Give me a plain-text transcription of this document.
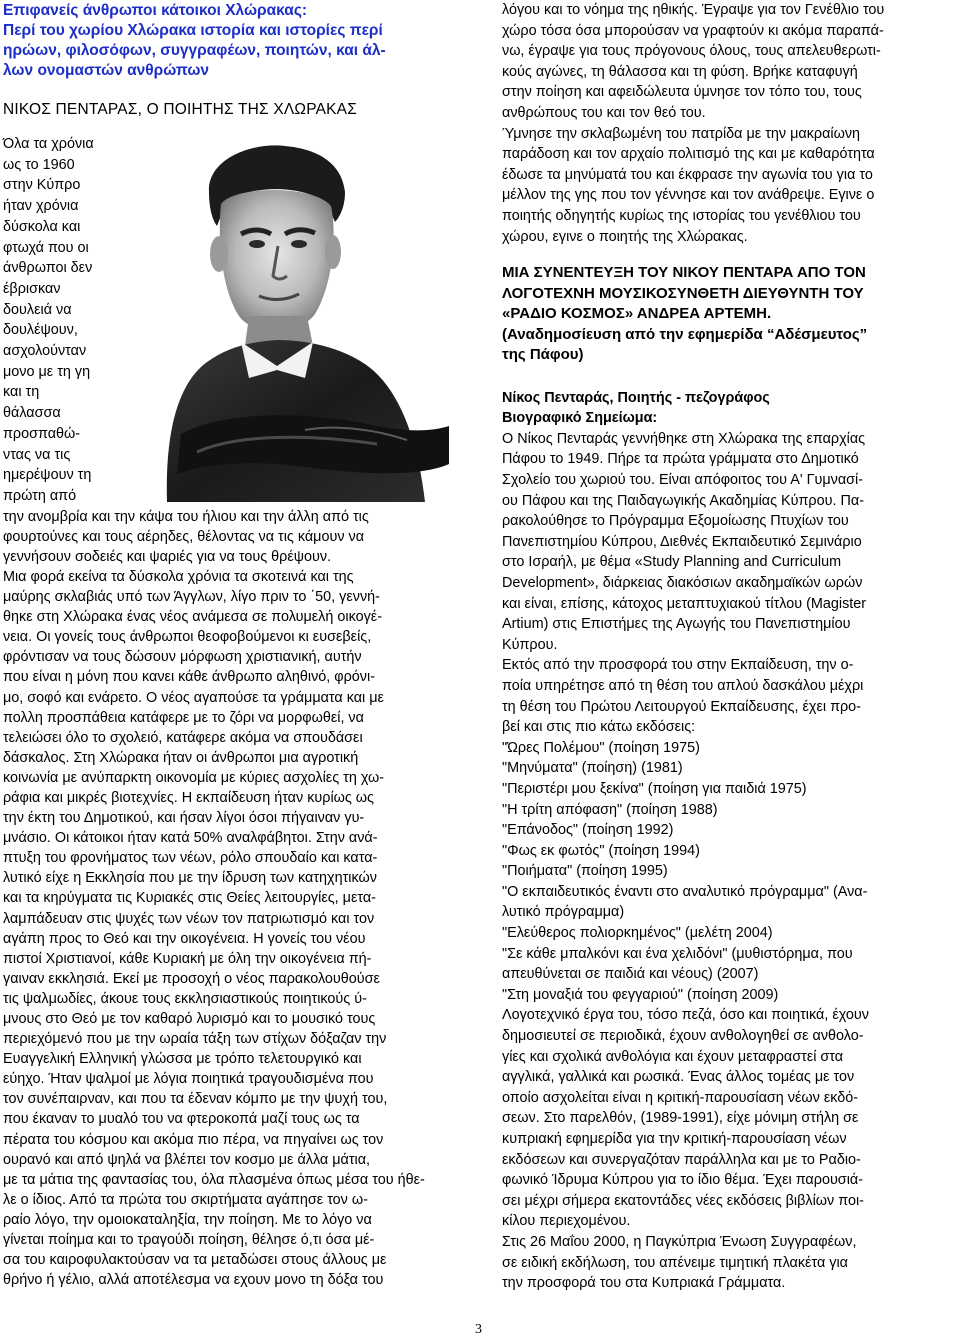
Επιφανείς άνθρωποι κάτοικοι Χλώρακας:
Περί του χωρίου Χλώρακα ιστορία και ιστορίες περί
ηρώων, φιλοσόφων, συγγραφέων, ποιητών, και άλ-
λων ονομαστών ανθρώπων
ΝΙΚΟΣ ΠΕΝΤΑΡΑΣ, Ο ΠΟΙΗΤΗΣ ΤΗΣ ΧΛΩΡΑΚΑΣ
Όλα τα χρόνια
ως το 1960
στην Κύπρο
ήταν χρόνια
δύσκολα και
φτωχά που οι
άνθρωποι δεν
έβρισκαν
δουλειά να
δουλέψουν,
ασχολούνταν
μονο με τη γη
και τη
θάλασσα
προσπαθώ-
ντας να τις
ημερέψουν τη
πρώτη από
την ανομβρία και την κάψα του ήλιου και την άλλη από τις
φουρτούνες και τους αέρηδες, θέλοντας να τις κάμουν να
γεννήσουν σοδειές και ψαριές για να τους θρέψουν.
Μια φορά εκείνα τα δύσκολα χρόνια τα σκοτεινά και της
μαύρης σκλαβιάς υπό των Άγγλων, λίγο πριν το ΄50, γεννή-
θηκε στη Χλώρακα ένας νέος ανάμεσα σε πολυμελή οικογέ-
νεια. Οι γονείς τους άνθρωποι θεοφοβούμενοι κι ευσεβείς,
φρόντισαν να τους δώσουν μόρφωση χριστιανική, αυτήν
που είναι η μόνη που κανει κάθε άνθρωπο αληθινό, φρόνι-
μο, σοφό και ενάρετο. Ο νέος αγαπούσε τα γράμματα και με
πολλη προσπάθεια κατάφερε με το ζόρι να μορφωθεί, να
τελειώσει όλο το σχολειό, κατάφερε ακόμα να σπουδάσει
δάσκαλος. Στη Χλώρακα ήταν οι άνθρωποι μια αγροτική
κοινωνία με ανύπαρκτη οικονομία με κύριες ασχολίες τη χω-
ράφια και μικρές βιοτεχνίες. Η εκπαίδευση ήταν κυρίως ως
την έκτη του Δημοτικού, και ήσαν λίγοι όσοι πήγαιναν γυ-
μνάσιο. Οι κάτοικοι ήταν κατά 50% αναλφάβητοι. Στην ανά-
πτυξη του φρονήματος των νέων, ρόλο σπουδαίο και κατα-
λυτικό είχε η Εκκλησία που με την ίδρυση των κατηχητικών
και τα κηρύγματα τις Κυριακές στις Θείες λειτουργίες, μετα-
λαμπάδευαν στις ψυχές των νέων τον πατριωτισμό και τον
αγάπη προς το Θεό και την οικογένεια. Η γονείς του νέου
πιστοί Χριστιανοί, κάθε Κυριακή με όλη την οικογένεια πή-
γαιναν εκκλησιά. Εκεί με προσοχή ο νέος παρακολουθούσε
τις ψαλμωδίες, άκουε τους εκκλησιαστικούς ποιητικούς ύ-
μνους στο Θεό με τον καθαρό λυρισμό και το μουσικό τους
περιεχόμενό που με την ωραία τάξη των στίχων δόξαζαν την
Ευαγγελική Ελληνική γλώσσα με τρόπο τελετουργικό και
εύηχο. Ήταν ψαλμοί με λόγια ποιητικά τραγουδισμένα που
τον συνέπαιρναν, και που τα έδεναν κόμπο με την ψυχή του,
που έκαναν το μυαλό του να φτεροκοπά μαζί τους ως τα
πέρατα του κόσμου και ακόμα πιο πέρα, να πηγαίνει ως τον
ουρανό και από ψηλά να βλέπει τον κοσμο με άλλα μάτια,
με τα μάτια της φαντασίας του, όλα πλασμένα όπως μέσα του ήθε-
λε ο ίδιος. Από τα πρώτα του σκιρτήματα αγάπησε τον ω-
ραίο λόγο, την ομοιοκαταληξία, την ποίηση. Με το λόγο να
γίνεται ποίημα και το τραγούδι ποίηση, θέλησε ό,τι όσα μέ-
σα του καιροφυλακτούσαν να τα μεταδώσει στους άλλους με
θρήνο ή γέλιο, αλλά αποτέλεσμα να εχουν μονο τη δόξα του
λόγου και το νόημα της ηθικής. Έγραψε για τον Γενέθλιο του
χώρο τόσα όσα μπορούσαν να γραφτούν κι ακόμα παραπά-
νω, έγραψε για τους πρόγονους όλους, τους απελευθερωτι-
κούς αγώνες, τη θάλασσα και τη φύση. Βρήκε καταφυγή
στην ποίηση και αφειδώλευτα ύμνησε τον τόπο του, τους
ανθρώπους του και τον θεό του.
Ύμνησε την σκλαβωμένη του πατρίδα με την μακραίωνη
παράδοση και τον αρχαίο πολιτισμό της και με καθαρότητα
έδωσε τα μηνύματά του και έκφρασε την αγωνία του για το
μέλλον της γης που τον γέννησε και τον ανάθρεψε. Εγινε ο
ποιητής οδηγητής κυρίως της ιστορίας του γενέθλιου του
χώρου, εγινε ο ποιητής της Χλώρακας.
ΜΙΑ ΣΥΝΕΝΤΕΥΞΗ ΤΟΥ ΝΙΚΟΥ ΠΕΝΤΑΡΑ ΑΠΟ ΤΟΝ
ΛΟΓΟΤΕΧΝΗ ΜΟΥΣΙΚΟΣΥΝΘΕΤΗ ΔΙΕΥΘΥΝΤΗ ΤΟΥ
«ΡΑΔΙΟ ΚΟΣΜΟΣ» ΑΝΔΡΕΑ ΑΡΤΕΜΗ.
(Αναδημοσίευση από την εφημερίδα “Αδέσμευτος”
της Πάφου)
Νίκος Πενταράς, Ποιητής - πεζογράφος
Βιογραφικό Σημείωμα:
Ο Νίκος Πενταράς γεννήθηκε στη Χλώρακα της επαρχίας
Πάφου το 1949. Πήρε τα πρώτα γράμματα στο Δημοτικό
Σχολείο του χωριού του. Είναι απόφοιτος του Α' Γυμνασί-
ου Πάφου και της Παιδαγωγικής Ακαδημίας Κύπρου. Πα-
ρακολούθησε το Πρόγραμμα Εξομοίωσης Πτυχίων του
Πανεπιστημίου Κύπρου, Διεθνές Εκπαιδευτικό Σεμινάριο
στο Ισραήλ, με θέμα «Study Planning and Curriculum
Development», διάρκειας διακόσιων ακαδημαϊκών ωρών
και είναι, επίσης, κάτοχος μεταπτυχιακού τίτλου (Magister
Artium) στις Επιστήμες της Αγωγής του Πανεπιστημίου
Κύπρου.
Εκτός από την προσφορά του στην Εκπαίδευση, την ο-
ποία υπηρέτησε από τη θέση του απλού δασκάλου μέχρι
τη θέση του Πρώτου Λειτουργού Εκπαίδευσης, έχει προ-
βεί και στις πιο κάτω εκδόσεις:
"Ώρες Πολέμου" (ποίηση 1975)
"Μηνύματα" (ποίηση) (1981)
"Περιστέρι μου ξεκίνα" (ποίηση για παιδιά 1975)
"Η τρίτη απόφαση" (ποίηση 1988)
"Επάνοδος" (ποίηση 1992)
"Φως εκ φωτός" (ποίηση 1994)
"Ποιήματα" (ποίηση 1995)
"Ο εκπαιδευτικός έναντι στο αναλυτικό πρόγραμμα" (Ανα-
λυτικό πρόγραμμα)
"Ελεύθερος πολιορκημένος" (μελέτη 2004)
"Σε κάθε μπαλκόνι και ένα χελιδόνι" (μυθιστόρημα, που
απευθύνεται σε παιδιά και νέους) (2007)
"Στη μοναξιά του φεγγαριού" (ποίηση 2009)
Λογοτεχνικό έργα του, τόσο πεζά, όσο και ποιητικά, έχουν
δημοσιευτεί σε περιοδικά, έχουν ανθολογηθεί σε ανθολο-
γίες και σχολικά ανθολόγια και έχουν μεταφραστεί στα
αγγλικά, γαλλικά και ρωσικά. Ένας άλλος τομέας με τον
οποίο ασχολείται είναι η κριτική-παρουσίαση νέων εκδό-
σεων. Στο παρελθόν, (1989-1991), είχε μόνιμη στήλη σε
κυπριακή εφημερίδα για την κριτική-παρουσίαση νέων
εκδόσεων και συνεργαζόταν παράλληλα και με το Ραδιο-
φωνικό Ίδρυμα Κύπρου για το ίδιο θέμα. Έχει παρουσιά-
σει μέχρι σήμερα εκατοντάδες νέες εκδόσεις βιβλίων ποι-
κίλου περιεχομένου.
Στις 26 Μαΐου 2000, η Παγκύπρια Ένωση Συγγραφέων,
σε ειδική εκδήλωση, του απένειμε τιμητική πλακέτα για
την προσφορά του στα Κυπριακά Γράμματα.
3
